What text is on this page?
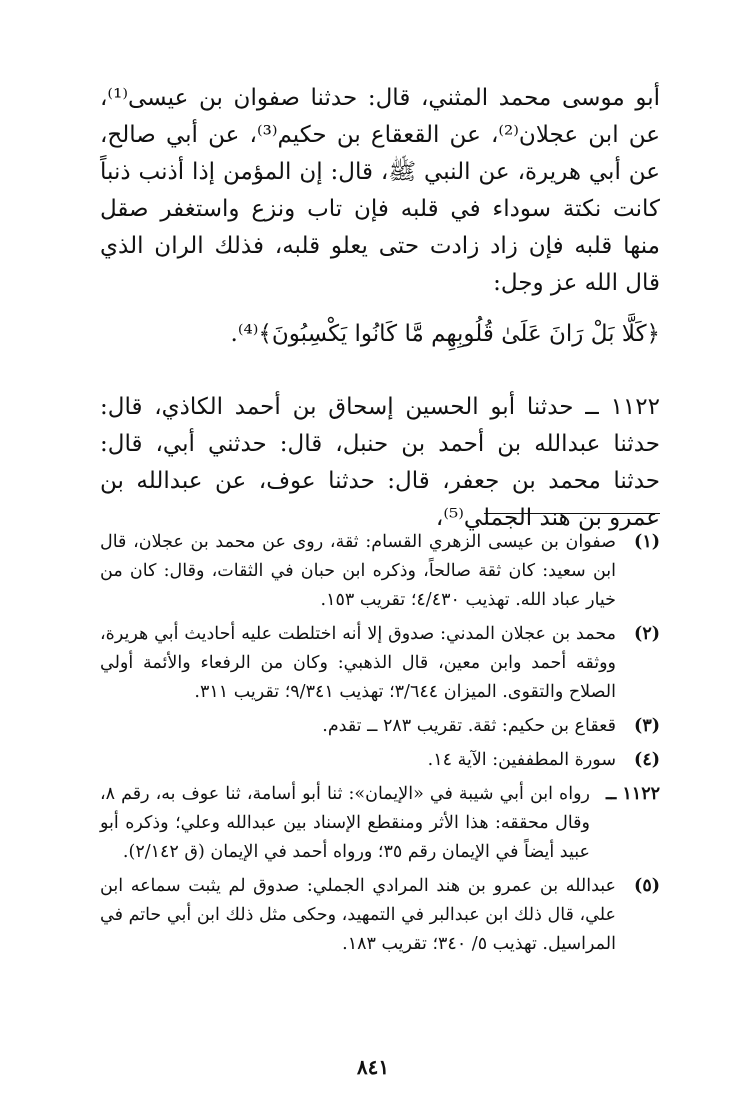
أبو موسى محمد المثني، قال: حدثنا صفوان بن عيسى⁽¹⁾، عن ابن عجلان⁽²⁾، عن القعقاع بن حكيم⁽³⁾، عن أبي صالح، عن أبي هريرة، عن النبي ﷺ، قال: إن المؤمن إذا أذنب ذنباً كانت نكتة سوداء في قلبه فإن تاب ونزع واستغفر صقل منها قلبه فإن زاد زادت حتى يعلو قلبه، فذلك الران الذي قال الله عز وجل:

﴿كَلَّا بَلْ رَانَ عَلَىٰ قُلُوبِهِم مَّا كَانُوا يَكْسِبُونَ﴾⁽⁴⁾.

١١٢٢ ــ حدثنا أبو الحسين إسحاق بن أحمد الكاذي، قال: حدثنا عبدالله بن أحمد بن حنبل، قال: حدثني أبي، قال: حدثنا محمد بن جعفر، قال: حدثنا عوف، عن عبدالله بن عمرو بن هند الجملي⁽⁵⁾،

(١)
صفوان بن عيسى الزهري القسام: ثقة، روى عن محمد بن عجلان، قال ابن سعيد: كان ثقة صالحاً، وذكره ابن حبان في الثقات، وقال: كان من خيار عباد الله. تهذيب ٤/٤٣٠؛ تقريب ١٥٣.
(٢)
محمد بن عجلان المدني: صدوق إلا أنه اختلطت عليه أحاديث أبي هريرة، ووثقه أحمد وابن معين، قال الذهبي: وكان من الرفعاء والأئمة أولي الصلاح والتقوى. الميزان ٣/٦٤٤؛ تهذيب ٩/٣٤١؛ تقريب ٣١١.
(٣)
قعقاع بن حكيم: ثقة. تقريب ٢٨٣ ــ تقدم.
(٤)
سورة المطففين: الآية ١٤.
١١٢٢ ــ
رواه ابن أبي شيبة في «الإيمان»: ثنا أبو أسامة، ثنا عوف به، رقم ٨، وقال محققه: هذا الأثر ومنقطع الإسناد بين عبدالله وعلي؛ وذكره أبو عبيد أيضاً في الإيمان رقم ٣٥؛ ورواه أحمد في الإيمان (ق ٢/١٤٢).
(٥)
عبدالله بن عمرو بن هند المرادي الجملي: صدوق لم يثبت سماعه ابن علي، قال ذلك ابن عبدالبر في التمهيد، وحكى مثل ذلك ابن أبي حاتم في المراسيل. تهذيب ٥/ ٣٤٠؛ تقريب ١٨٣.
٨٤١
